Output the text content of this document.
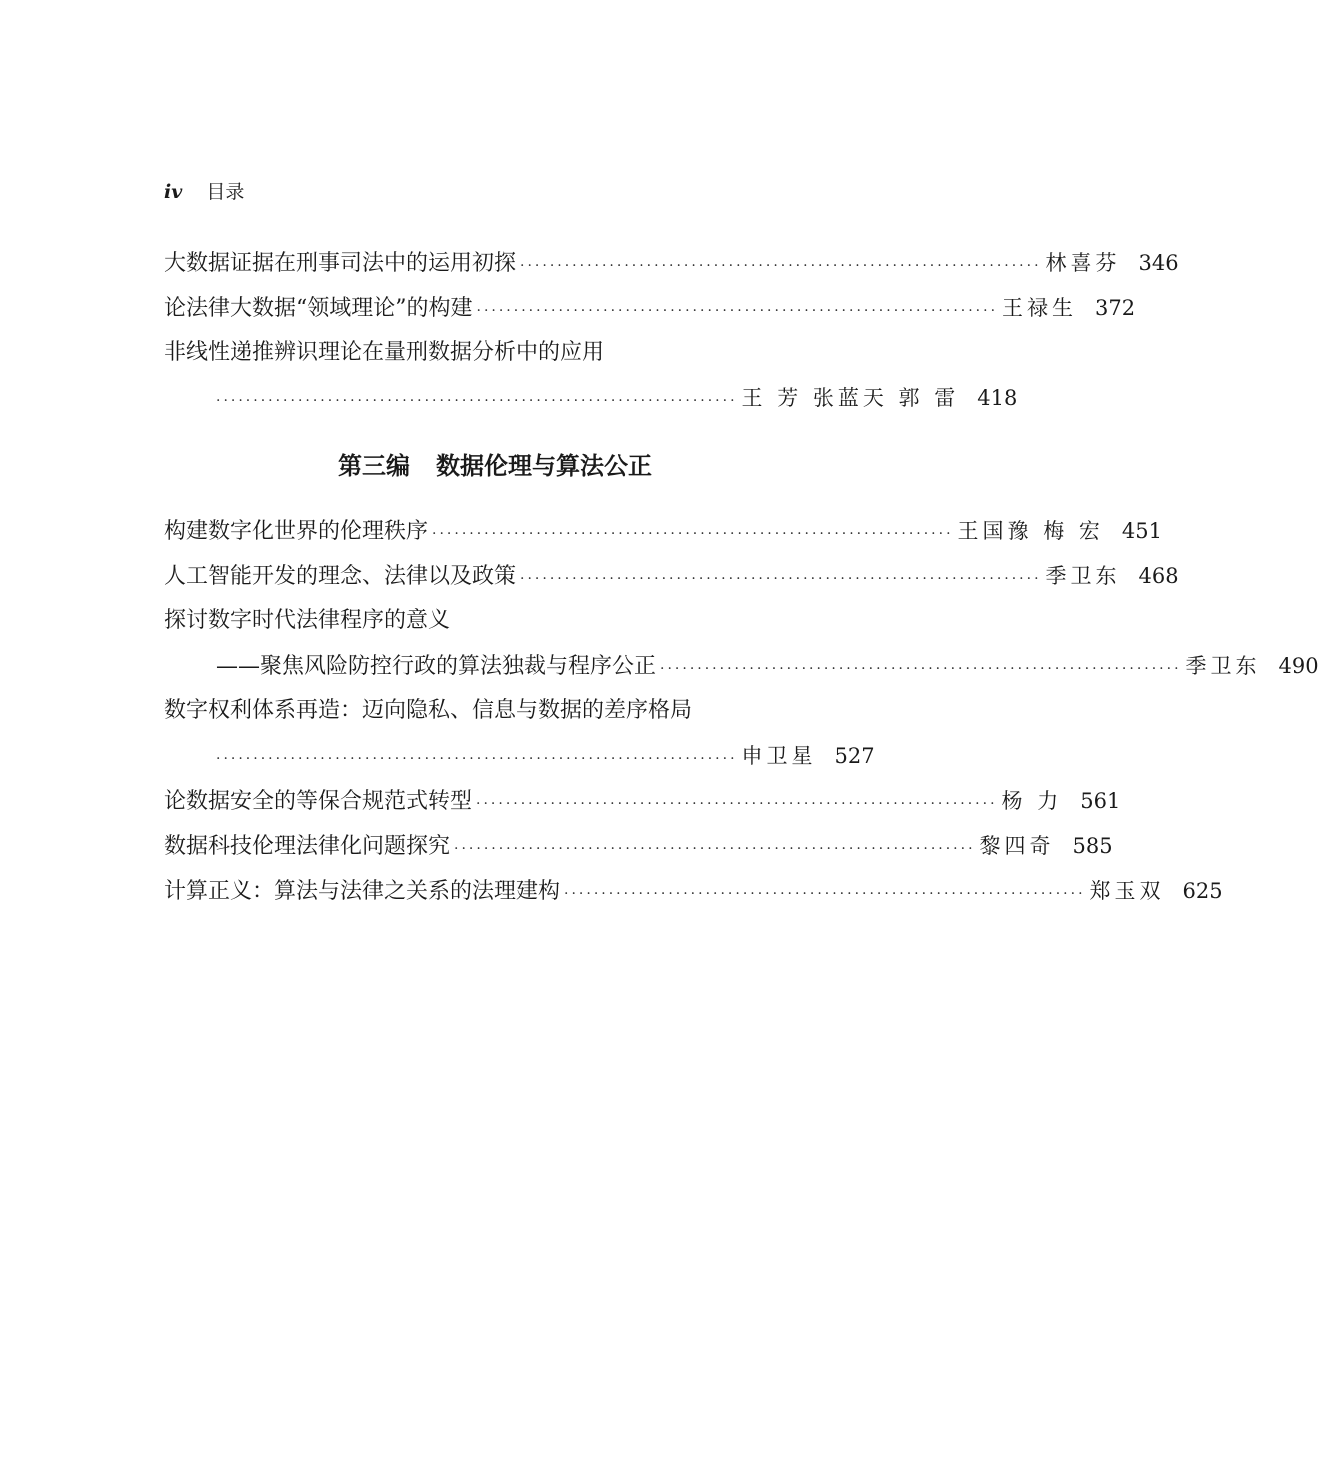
iv 目录
大数据证据在刑事司法中的运用初探 ······································································ 林喜芬 346
论法律大数据“领域理论”的构建 ······································································ 王禄生 372
非线性递推辨识理论在量刑数据分析中的应用
······································································ 王 芳 张蓝天 郭 雷 418
第三编 数据伦理与算法公正
构建数字化世界的伦理秩序 ······································································ 王国豫 梅 宏 451
人工智能开发的理念、法律以及政策 ······································································ 季卫东 468
探讨数字时代法律程序的意义
——聚焦风险防控行政的算法独裁与程序公正 ······································································ 季卫东 490
数字权利体系再造：迈向隐私、信息与数据的差序格局
······································································ 申卫星 527
论数据安全的等保合规范式转型 ······································································ 杨 力 561
数据科技伦理法律化问题探究 ······································································ 黎四奇 585
计算正义：算法与法律之关系的法理建构 ······································································ 郑玉双 625
